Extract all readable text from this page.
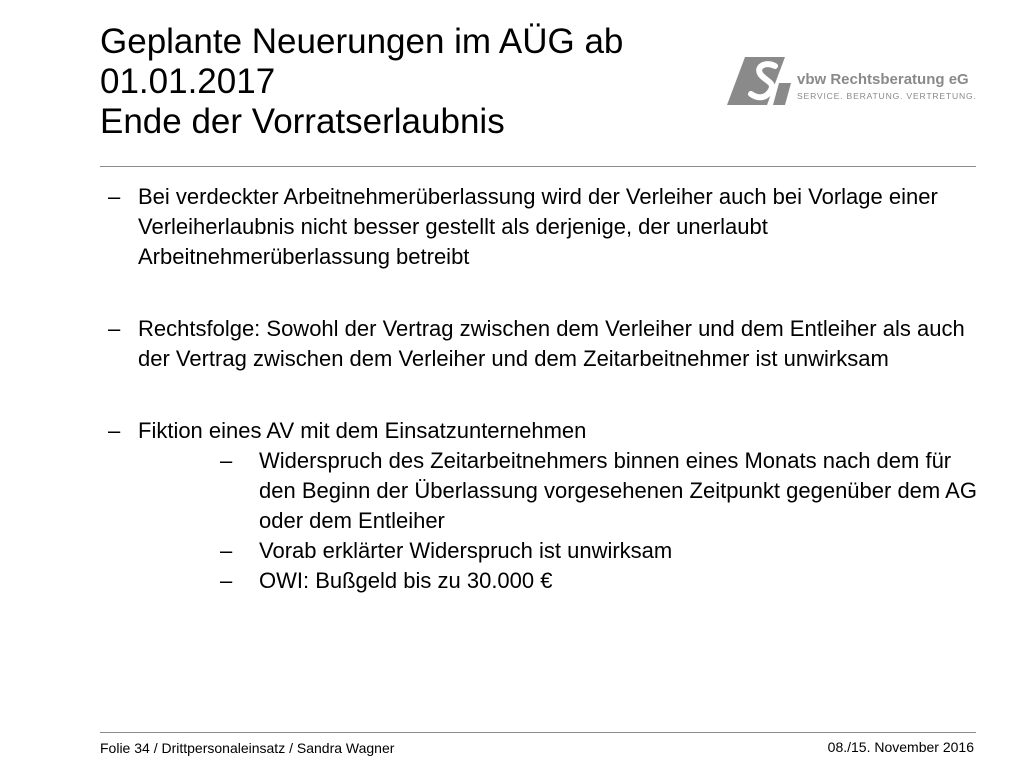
Geplante Neuerungen im AÜG ab
01.01.2017
Ende der Vorratserlaubnis
vbw Rechtsberatung eG
SERVICE. BERATUNG. VERTRETUNG.
– Bei verdeckter Arbeitnehmerüberlassung wird der Verleiher auch bei Vorlage einer Verleiherlaubnis nicht besser gestellt als derjenige, der unerlaubt Arbeitnehmerüberlassung betreibt
– Rechtsfolge: Sowohl der Vertrag zwischen dem Verleiher und dem Entleiher als auch der Vertrag zwischen dem Verleiher und dem Zeitarbeitnehmer ist unwirksam
– Fiktion eines AV mit dem Einsatzunternehmen
– Widerspruch des Zeitarbeitnehmers binnen eines Monats nach dem für den Beginn der Überlassung vorgesehenen Zeitpunkt gegenüber dem AG oder dem Entleiher
– Vorab erklärter Widerspruch ist unwirksam
– OWI: Bußgeld bis zu 30.000 €
Folie 34 / Drittpersonaleinsatz / Sandra Wagner	08./15. November 2016
